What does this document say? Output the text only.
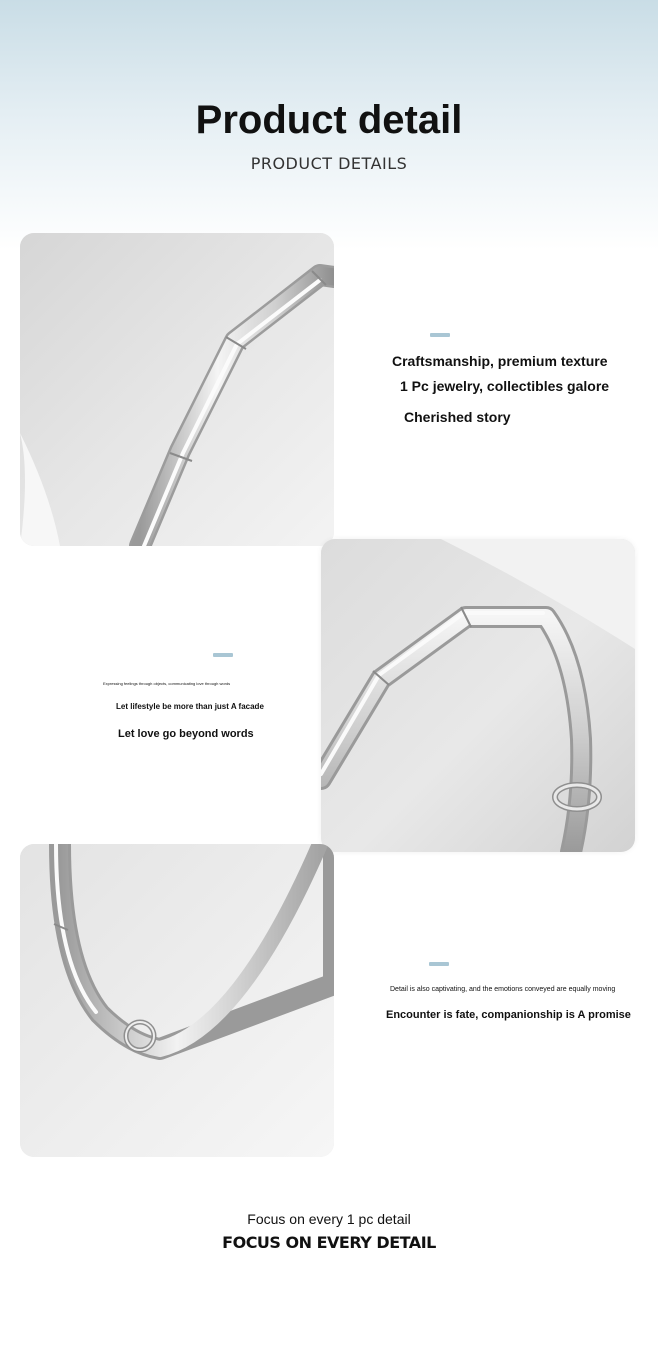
Product detail
PRODUCT DETAILS
Craftsmanship, premium texture
1 Pc jewelry, collectibles galore
Cherished story
Expressing feelings through objects, communicating love through words
Let lifestyle be more than just A facade
Let love go beyond words
Detail is also captivating, and the emotions conveyed are equally moving
Encounter is fate, companionship is A promise
Focus on every 1 pc detail
FOCUS ON EVERY DETAIL
